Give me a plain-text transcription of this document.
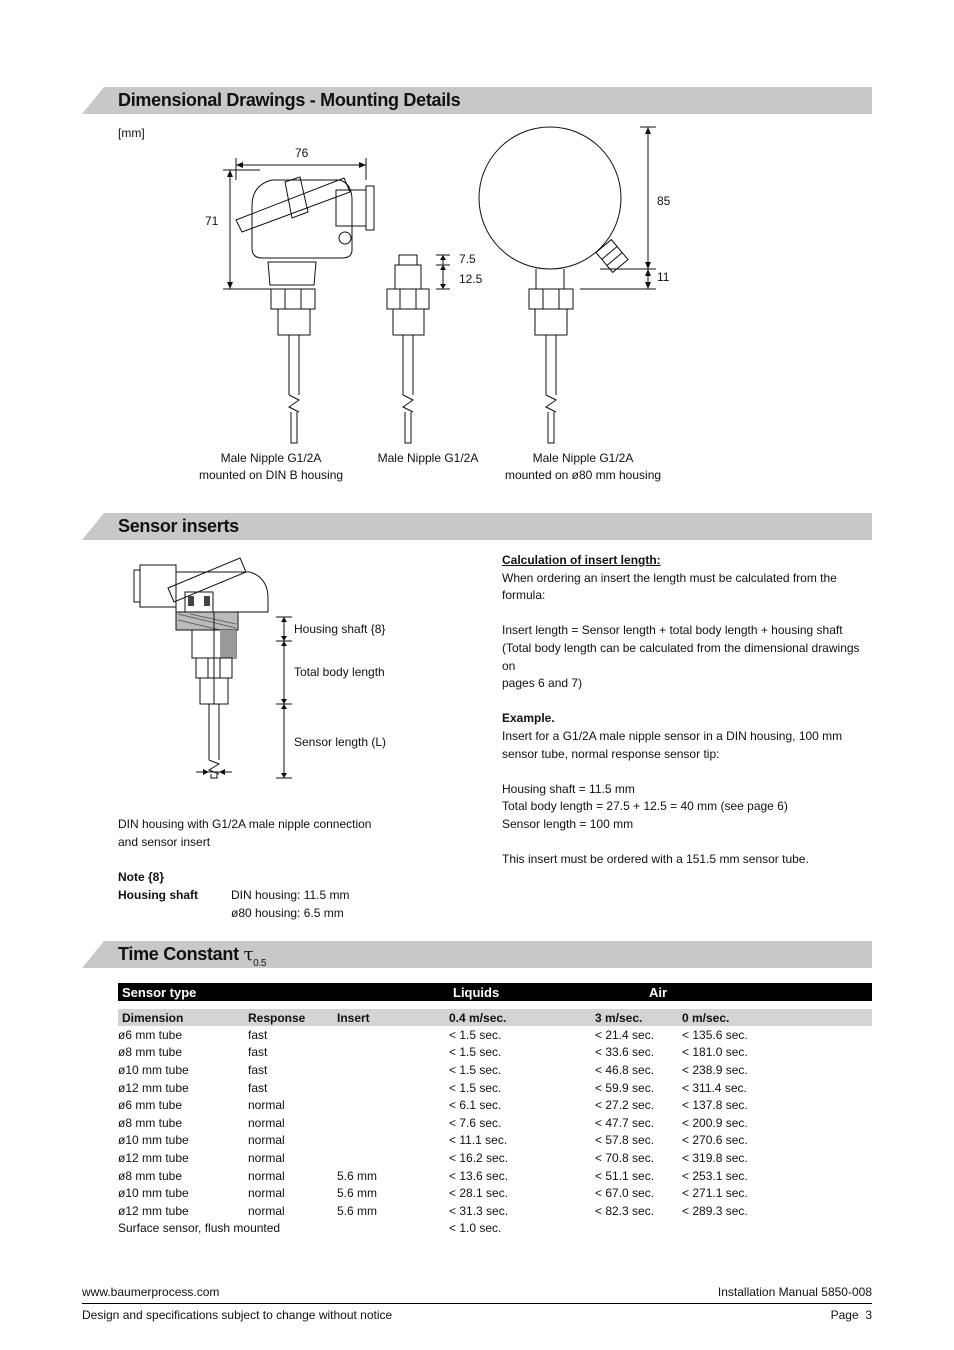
Dimensional Drawings - Mounting Details
[mm]
76
71
7.5
12.5
85
11
Male Nipple G1/2A
mounted on DIN B housing
Male Nipple G1/2A	Male Nipple G1/2A
mounted on ø80 mm housing
Sensor inserts
Housing shaft {8}
Total body length
Sensor length (L)
DIN housing with G1/2A male nipple connection
and sensor insert
Note {8}
Housing shaft	DIN housing: 11.5 mm
ø80 housing: 6.5 mm
Calculation of insert length:
When ordering an insert the length must be calculated from the
formula:
Insert length = Sensor length + total body length + housing shaft
(Total body length can be calculated from the dimensional drawings on
pages 6 and 7)
Example.
Insert for a G1/2A male nipple sensor in a DIN housing, 100 mm
sensor tube, normal response sensor tip:
Housing shaft = 11.5 mm
Total body length = 27.5 + 12.5 = 40 mm (see page 6)
Sensor length = 100 mm
This insert must be ordered with a 151.5 mm sensor tube.
Time Constant $\tau_{0.5}$
Sensor type			Liquids		Air

Dimension	Response	Insert	0.4 m/sec.	3 m/sec.	0 m/sec.
ø6 mm tube	fast		< 1.5 sec.	< 21.4 sec.	< 135.6 sec.
ø8 mm tube	fast		< 1.5 sec.	< 33.6 sec.	< 181.0 sec.
ø10 mm tube	fast		< 1.5 sec.	< 46.8 sec.	< 238.9 sec.
ø12 mm tube	fast		< 1.5 sec.	< 59.9 sec.	< 311.4 sec.
ø6 mm tube	normal		< 6.1 sec.	< 27.2 sec.	< 137.8 sec.
ø8 mm tube	normal		< 7.6 sec.	< 47.7 sec.	< 200.9 sec.
ø10 mm tube	normal		< 11.1 sec.	< 57.8 sec.	< 270.6 sec.
ø12 mm tube	normal		< 16.2 sec.	< 70.8 sec.	< 319.8 sec.
ø8 mm tube	normal	5.6 mm	< 13.6 sec.	< 51.1 sec.	< 253.1 sec.
ø10 mm tube	normal	5.6 mm	< 28.1 sec.	< 67.0 sec.	< 271.1 sec.
ø12 mm tube	normal	5.6 mm	< 31.3 sec.	< 82.3 sec.	< 289.3 sec.
Surface sensor, flush mounted			< 1.0 sec.		
www.baumerprocess.com	Installation Manual 5850-008
Design and specifications subject to change without notice	Page  3
